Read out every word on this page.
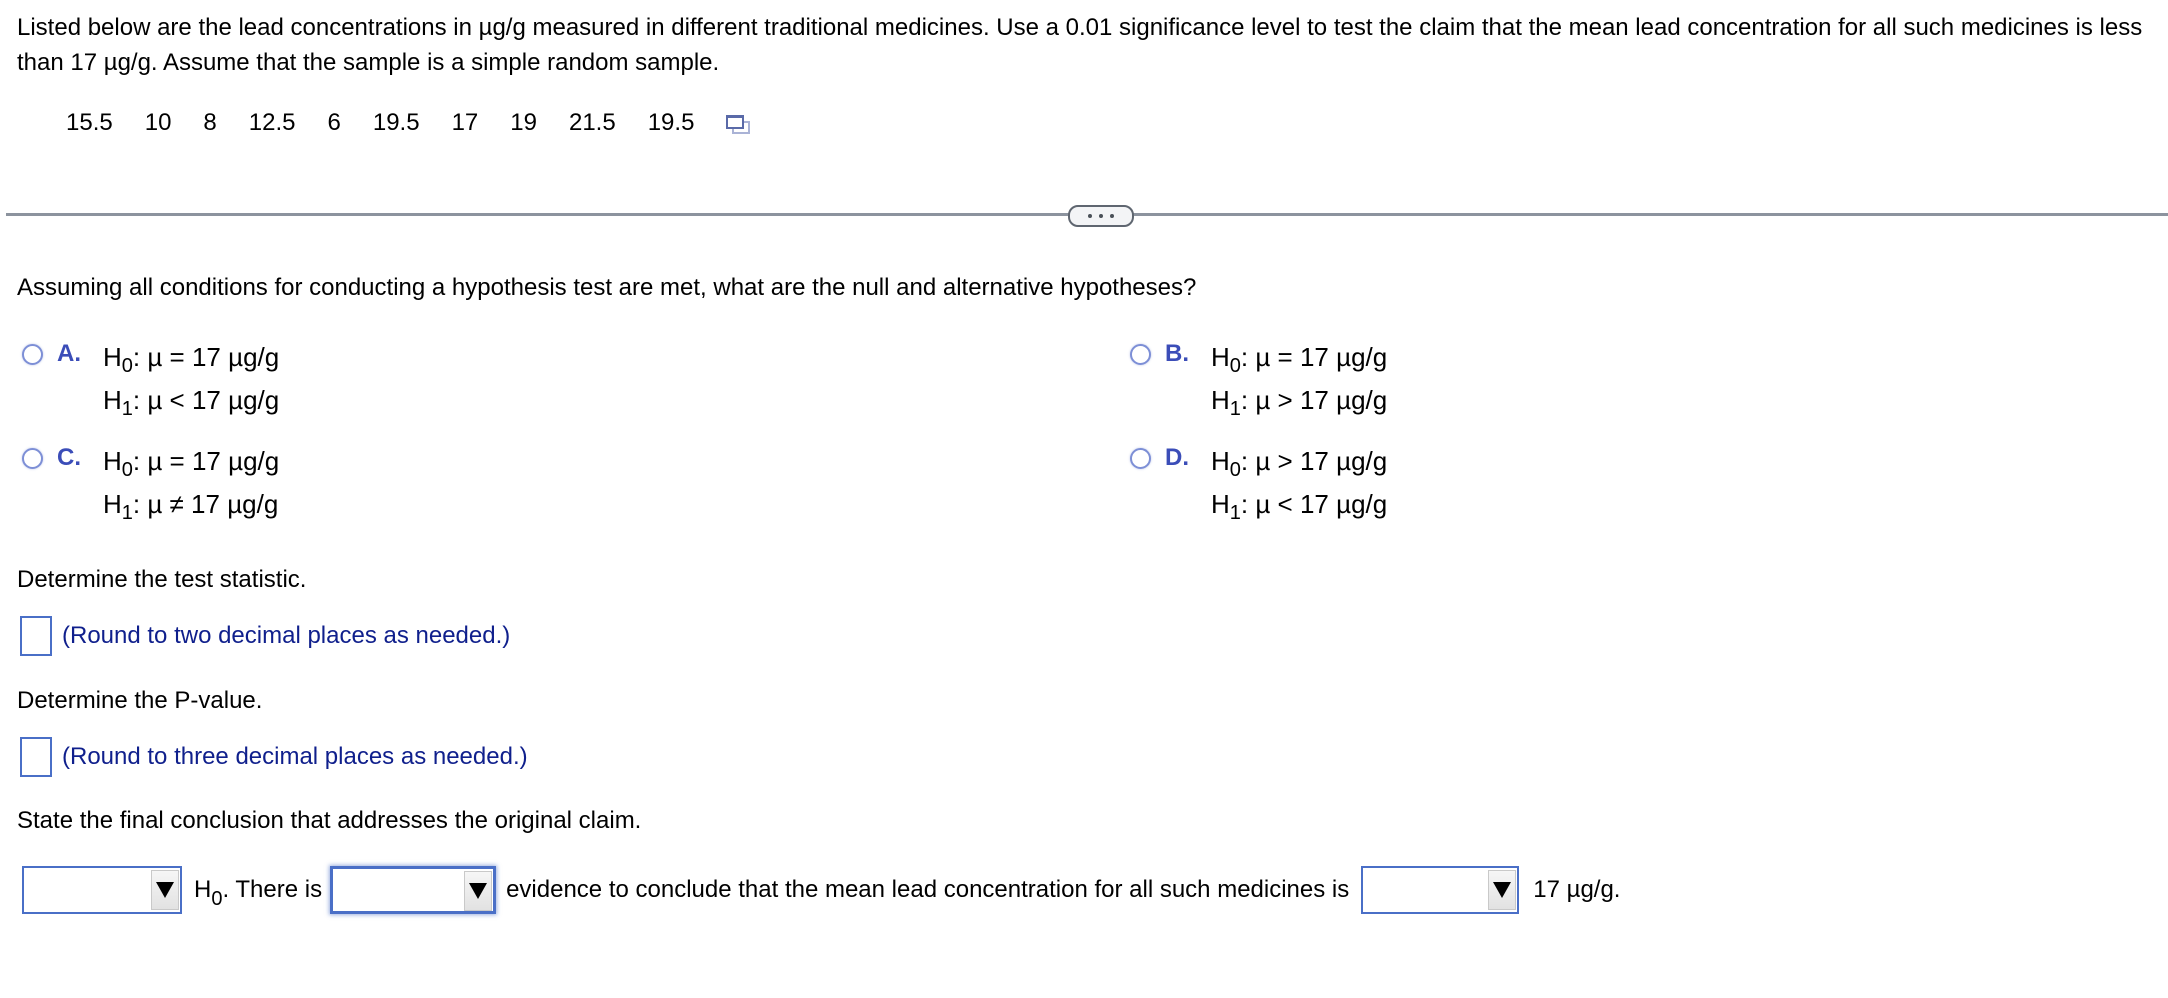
Listed below are the lead concentrations in µg/g measured in different traditional medicines. Use a 0.01 significance level to test the claim that the mean lead concentration for all such medicines is less than 17 µg/g. Assume that the sample is a simple random sample.
15.5 10 8 12.5 6 19.5 17 19 21.5 19.5
Assuming all conditions for conducting a hypothesis test are met, what are the null and alternative hypotheses?
A. $H_0$: µ = 17 µg/g
$H_1$: µ < 17 µg/g
B. $H_0$: µ = 17 µg/g
$H_1$: µ > 17 µg/g
C. $H_0$: µ = 17 µg/g
$H_1$: µ ≠ 17 µg/g
D. $H_0$: µ > 17 µg/g
$H_1$: µ < 17 µg/g
Determine the test statistic.
(Round to two decimal places as needed.)
Determine the P-value.
(Round to three decimal places as needed.)
State the final conclusion that addresses the original claim.
$H_0$ . There is	evidence to conclude that the mean lead concentration for all such medicines is	17 µg/g.
